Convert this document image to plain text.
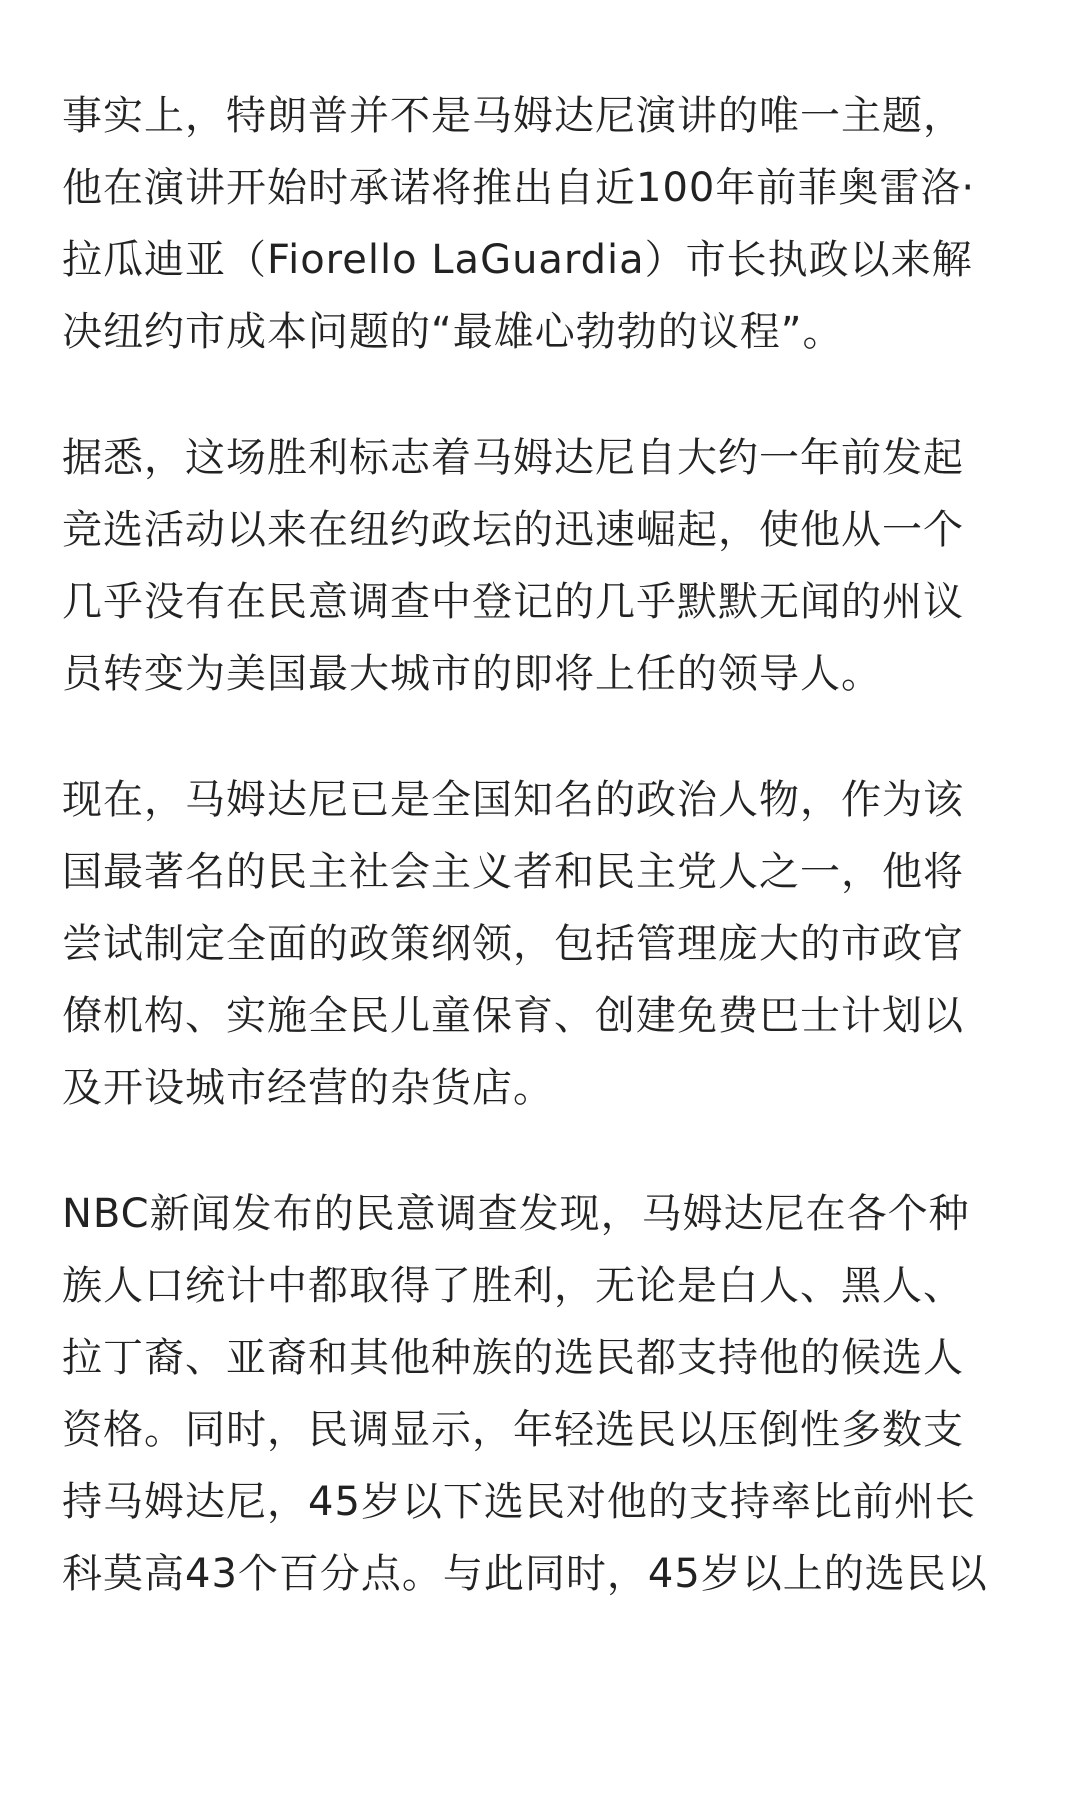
事实上，特朗普并不是马姆达尼演讲的唯一主题，
他在演讲开始时承诺将推出自近100年前菲奥雷洛·
拉瓜迪亚（Fiorello LaGuardia）市长执政以来解
决纽约市成本问题的“最雄心勃勃的议程”。

据悉，这场胜利标志着马姆达尼自大约一年前发起
竞选活动以来在纽约政坛的迅速崛起，使他从一个
几乎没有在民意调查中登记的几乎默默无闻的州议
员转变为美国最大城市的即将上任的领导人。

现在，马姆达尼已是全国知名的政治人物，作为该
国最著名的民主社会主义者和民主党人之一，他将
尝试制定全面的政策纲领，包括管理庞大的市政官
僚机构、实施全民儿童保育、创建免费巴士计划以
及开设城市经营的杂货店。

NBC新闻发布的民意调查发现，马姆达尼在各个种
族人口统计中都取得了胜利，无论是白人、黑人、
拉丁裔、亚裔和其他种族的选民都支持他的候选人
资格。同时，民调显示，年轻选民以压倒性多数支
持马姆达尼，45岁以下选民对他的支持率比前州长
科莫高43个百分点。与此同时，45岁以上的选民以
